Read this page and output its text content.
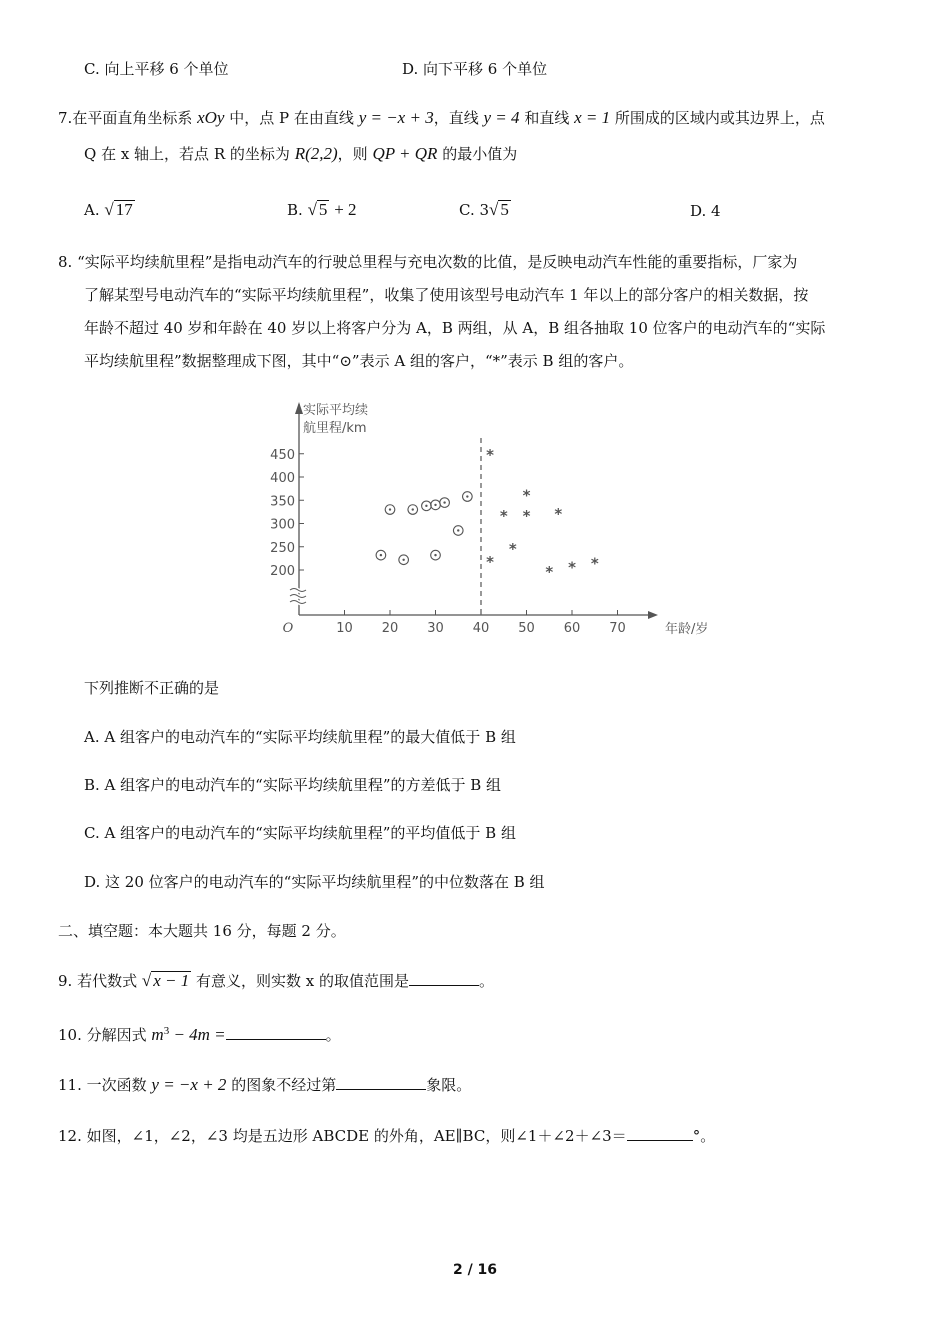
C. 向上平移 6 个单位	D. 向下平移 6 个单位
7.在平面直角坐标系 xOy 中，点 P 在由直线 y = −x + 3，直线 y = 4 和直线 x = 1 所围成的区域内或其边界上，点
Q 在 x 轴上，若点 R 的坐标为 R(2,2)，则 QP + QR 的最小值为
A. √ 17	B. √ 5 + 2	C. 3√ 5	D. 4
8. “实际平均续航里程”是指电动汽车的行驶总里程与充电次数的比值，是反映电动汽车性能的重要指标，厂家为
了解某型号电动汽车的“实际平均续航里程”，收集了使用该型号电动汽车 1 年以上的部分客户的相关数据，按
年龄不超过 40 岁和年龄在 40 岁以上将客户分为 A，B 两组，从 A，B 组各抽取 10 位客户的电动汽车的“实际
平均续航里程”数据整理成下图，其中“⊙”表示 A 组的客户，“*”表示 B 组的客户。
实际平均续
航里程/km
年龄/岁
O	10 20 30 40 50 60 70
200
250
300
350
400
450	*
*
*
*
*
*
*
*
* *
下列推断不正确的是
A. A 组客户的电动汽车的“实际平均续航里程”的最大值低于 B 组
B. A 组客户的电动汽车的“实际平均续航里程”的方差低于 B 组
C. A 组客户的电动汽车的“实际平均续航里程”的平均值低于 B 组
D. 这 20 位客户的电动汽车的“实际平均续航里程”的中位数落在 B 组
二、填空题：本大题共 16 分，每题 2 分。
9. 若代数式 √ x − 1 有意义，则实数 x 的取值范围是	。
10. 分解因式 $m^3 - 4m$ =	。
11. 一次函数 y = −x + 2 的图象不经过第	象限。
12. 如图，∠1，∠2，∠3 均是五边形 ABCDE 的外角，AE∥BC，则∠1＋∠2＋∠3＝	°。
2 / 16
